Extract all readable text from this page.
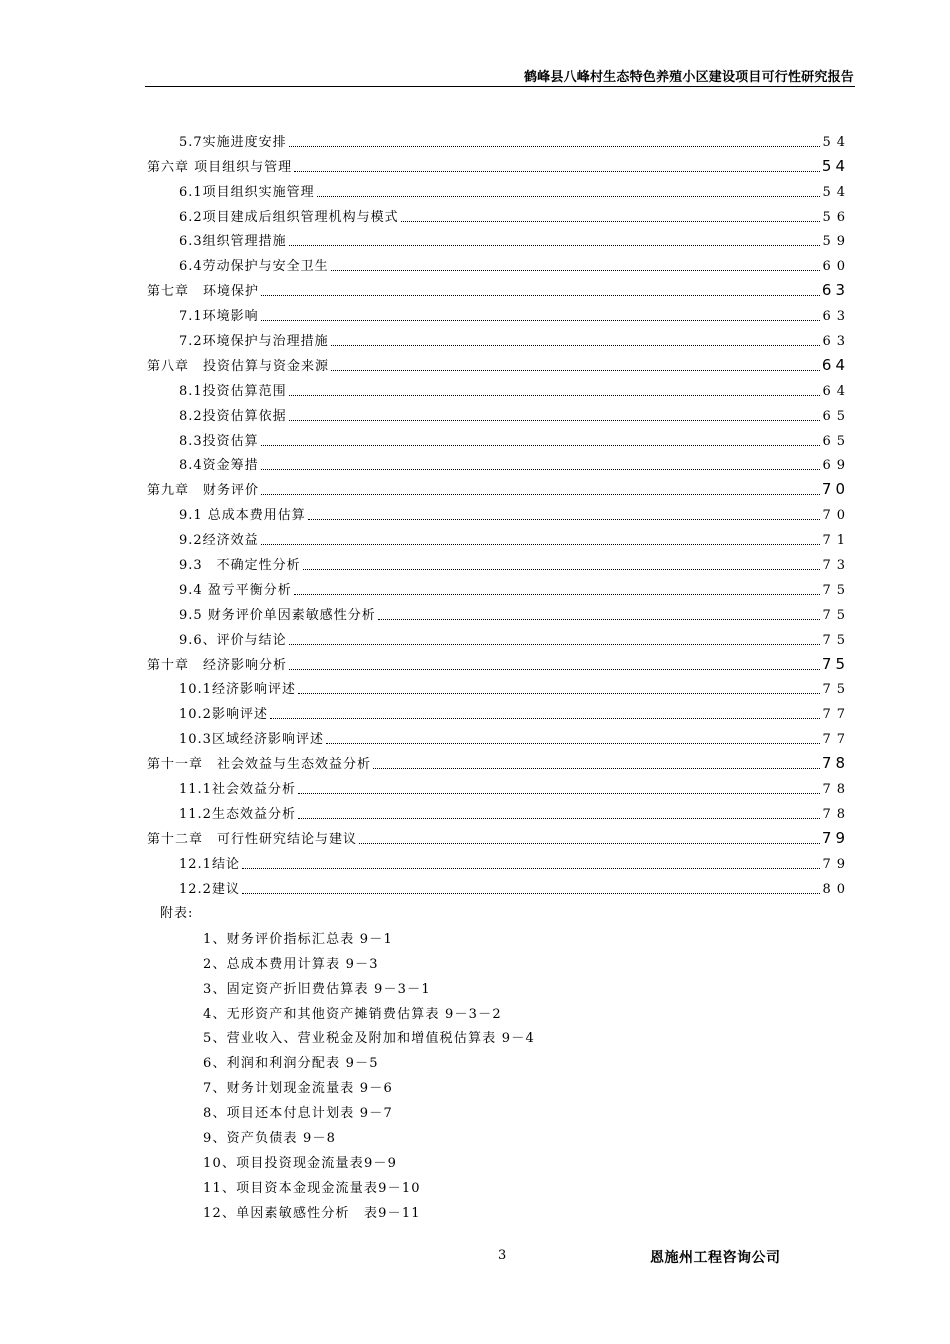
鹤峰县八峰村生态特色养殖小区建设项目可行性研究报告
5.7实施进度安排	54
第六章 项目组织与管理	54
6.1项目组织实施管理	54
6.2项目建成后组织管理机构与模式	56
6.3组织管理措施	59
6.4劳动保护与安全卫生	60
第七章　环境保护	63
7.1环境影响	63
7.2环境保护与治理措施	63
第八章　投资估算与资金来源	64
8.1投资估算范围	64
8.2投资估算依据	65
8.3投资估算	65
8.4资金筹措	69
第九章　财务评价	70
9.1 总成本费用估算	70
9.2经济效益	71
9.3　不确定性分析	73
9.4 盈亏平衡分析	75
9.5 财务评价单因素敏感性分析	75
9.6、评价与结论	75
第十章　经济影响分析	75
10.1经济影响评述	75
10.2影响评述	77
10.3区域经济影响评述	77
第十一章　社会效益与生态效益分析	78
11.1社会效益分析	78
11.2生态效益分析	78
第十二章　可行性研究结论与建议	79
12.1结论	79
12.2建议	80
附表:
1、财务评价指标汇总表 9－1
2、总成本费用计算表 9－3
3、固定资产折旧费估算表 9－3－1
4、无形资产和其他资产摊销费估算表 9－3－2
5、营业收入、营业税金及附加和增值税估算表 9－4
6、利润和利润分配表 9－5
7、财务计划现金流量表 9－6
8、项目还本付息计划表 9－7
9、资产负债表 9－8
10、项目投资现金流量表9－9
11、项目资本金现金流量表9－10
12、单因素敏感性分析　表9－11
3	恩施州工程咨询公司
